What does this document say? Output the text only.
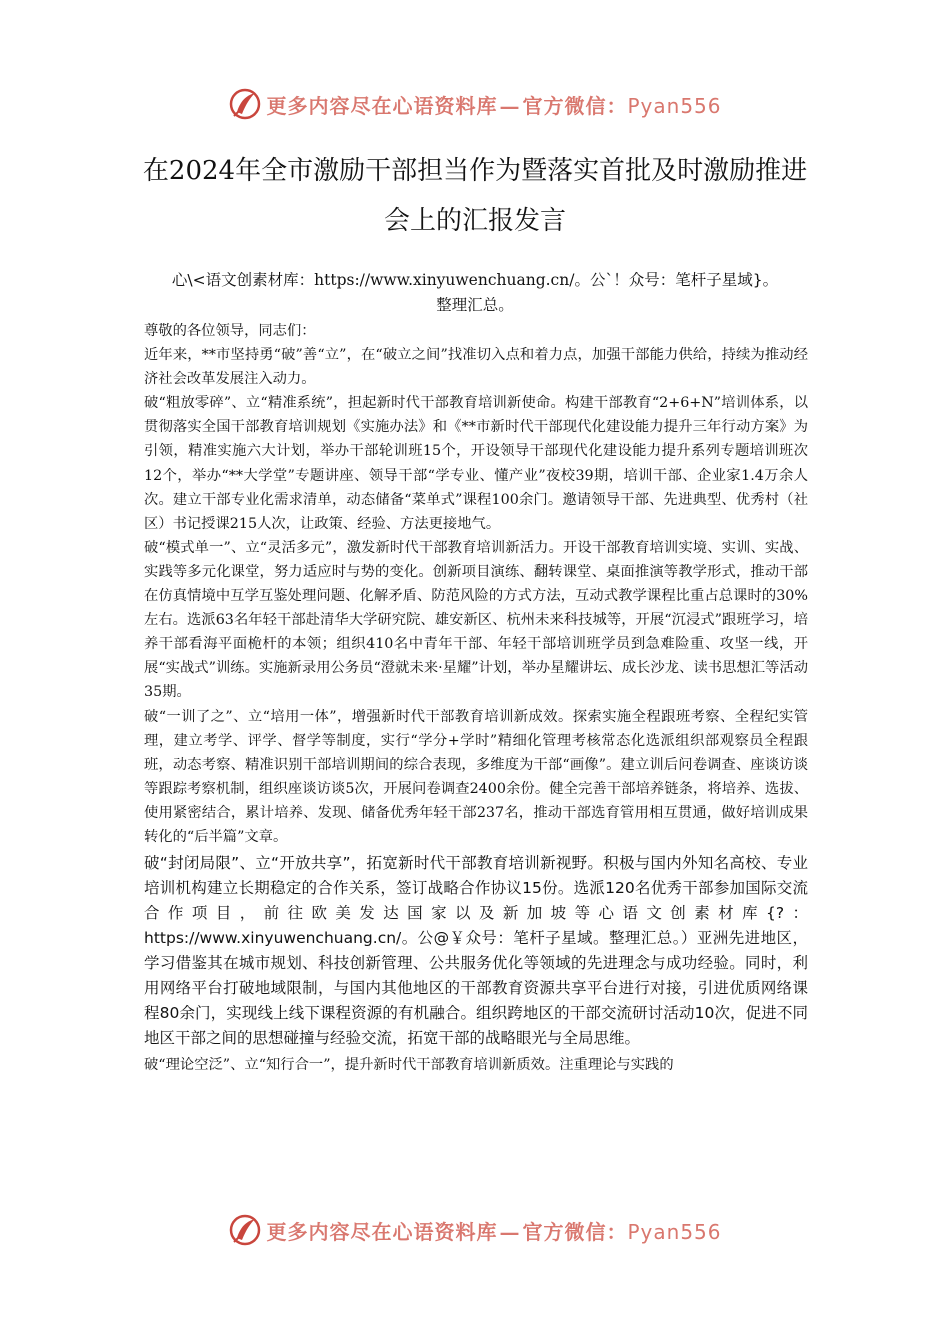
更多内容尽在心语资料库 — 官方微信：Pyan556
在2024年全市激励干部担当作为暨落实首批及时激励推进会上的汇报发言
心\<语文创素材库：https://www.xinyuwenchuang.cn/。公`！众号：笔杆子星域}。
整理汇总。

尊敬的各位领导，同志们：

近年来，**市坚持勇“破”善“立”，在“破立之间”找准切入点和着力点，加强干部能力供给，持续为推动经济社会改革发展注入动力。

破“粗放零碎”、立“精准系统”，担起新时代干部教育培训新使命。构建干部教育“2+6+N”培训体系，以贯彻落实全国干部教育培训规划《实施办法》和《**市新时代干部现代化建设能力提升三年行动方案》为引领，精准实施六大计划，举办干部轮训班15个，开设领导干部现代化建设能力提升系列专题培训班次12个，举办“**大学堂”专题讲座、领导干部“学专业、懂产业”夜校39期，培训干部、企业家1.4万余人次。建立干部专业化需求清单，动态储备“菜单式”课程100余门。邀请领导干部、先进典型、优秀村（社区）书记授课215人次，让政策、经验、方法更接地气。

破“模式单一”、立“灵活多元”，激发新时代干部教育培训新活力。开设干部教育培训实境、实训、实战、实践等多元化课堂，努力适应时与势的变化。创新项目演练、翻转课堂、桌面推演等教学形式，推动干部在仿真情境中互学互鉴处理问题、化解矛盾、防范风险的方式方法，互动式教学课程比重占总课时的30%左右。选派63名年轻干部赴清华大学研究院、雄安新区、杭州未来科技城等，开展“沉浸式”跟班学习，培养干部看海平面桅杆的本领；组织410名中青年干部、年轻干部培训班学员到急难险重、攻坚一线，开展“实战式”训练。实施新录用公务员“澄就未来·星耀”计划，举办星耀讲坛、成长沙龙、读书思想汇等活动35期。

破“一训了之”、立“培用一体”，增强新时代干部教育培训新成效。探索实施全程跟班考察、全程纪实管理，建立考学、评学、督学等制度，实行“学分+学时”精细化管理考核常态化选派组织部观察员全程跟班，动态考察、精准识别干部培训期间的综合表现，多维度为干部“画像”。建立训后问卷调查、座谈访谈等跟踪考察机制，组织座谈访谈5次，开展问卷调查2400余份。健全完善干部培养链条，将培养、选拔、使用紧密结合，累计培养、发现、储备优秀年轻干部237名，推动干部选育管用相互贯通，做好培训成果转化的“后半篇”文章。

破“封闭局限”、立“开放共享”，拓宽新时代干部教育培训新视野。积极与国内外知名高校、专业培训机构建立长期稳定的合作关系，签订战略合作协议15份。选派120名优秀干部参加国际交流合作项目，前往欧美发达国家以及新加坡等心语文创素材库{?：https://www.xinyuwenchuang.cn/。公@￥众号：笔杆子星域。整理汇总。）亚洲先进地区，学习借鉴其在城市规划、科技创新管理、公共服务优化等领域的先进理念与成功经验。同时，利用网络平台打破地域限制，与国内其他地区的干部教育资源共享平台进行对接，引进优质网络课程80余门，实现线上线下课程资源的有机融合。组织跨地区的干部交流研讨活动10次，促进不同地区干部之间的思想碰撞与经验交流，拓宽干部的战略眼光与全局思维。

破“理论空泛”、立“知行合一”，提升新时代干部教育培训新质效。注重理论与实践的

更多内容尽在心语资料库 — 官方微信：Pyan556
